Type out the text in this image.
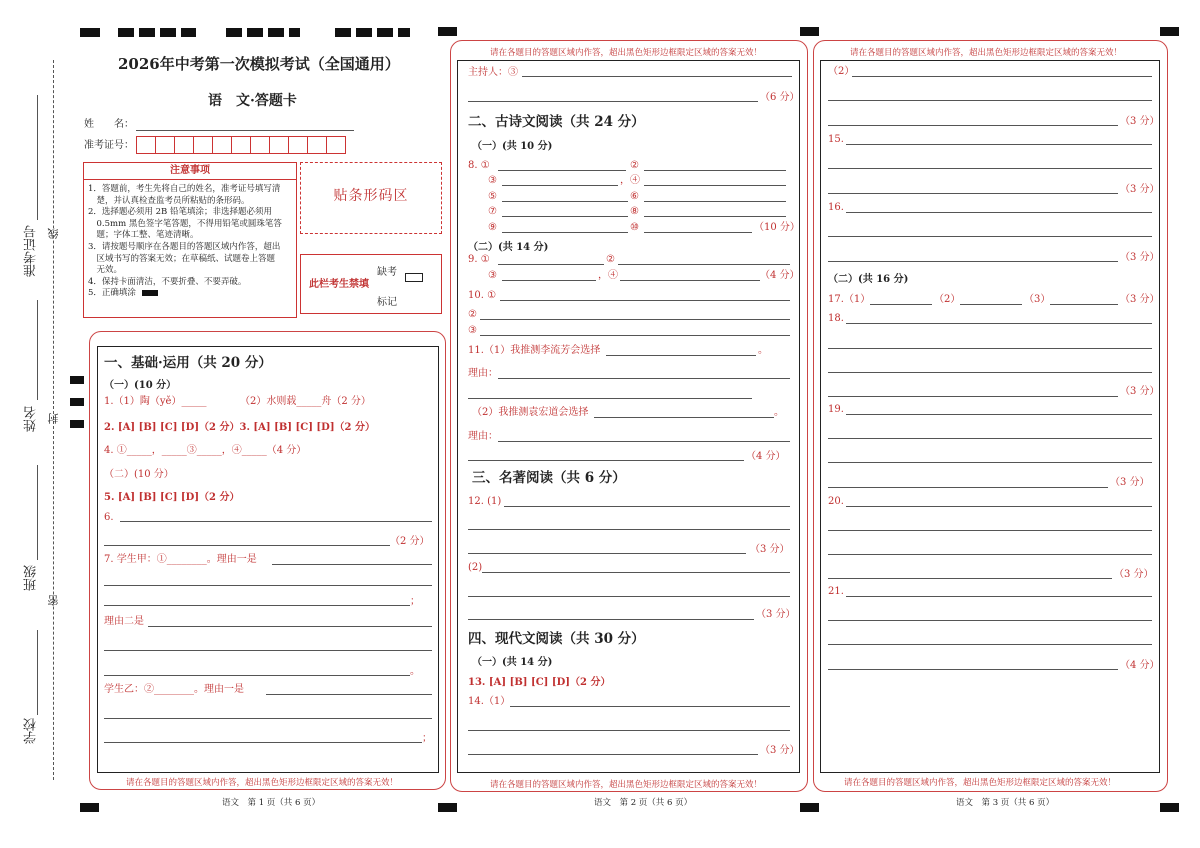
准考证号 线
姓名 封
班级
密
学校
2026年中考第一次模拟考试（全国通用）
语　文·答题卡
姓　　名：
准考证号：
注意事项
1．答题前，考生先将自己的姓名，准考证号填写清
　楚，并认真检查监考员所粘贴的条形码。
2．选择题必须用 2B 铅笔填涂；非选择题必须用
　0.5mm 黑色签字笔答题，不得用铅笔或圆珠笔答
　题；字体工整、笔迹清晰。
3．请按题号顺序在各题目的答题区域内作答，超出
　区域书写的答案无效；在草稿纸、试题卷上答题
　无效。
4．保持卡面清洁，不要折叠、不要弄破。
5．正确填涂
贴条形码区
此栏考生禁填
缺考
标记
请在各题目的答题区域内作答，超出黑色矩形边框限定区域的答案无效！
语文　第 1 页（共 6 页）
一、基础·运用（共 20 分）
（一）(10 分）
1.（1）陶（yě）_____	（2）水则载_____舟（2 分）
2. [A] [B] [C] [D]（2 分）3. [A] [B] [C] [D]（2 分）
4. ①_____，_____③_____，④_____（4 分）
（二）(10 分）
5. [A] [B] [C] [D]（2 分）
6.
（2 分）
7. 学生甲：①________。理由一是
；
理由二是
。
学生乙：②________。理由一是
；
请在各题目的答题区域内作答，超出黑色矩形边框限定区域的答案无效！
请在各题目的答题区域内作答，超出黑色矩形边框限定区域的答案无效！
语文　第 2 页（共 6 页）
主持人：③
（6 分）
二、古诗文阅读（共 24 分）
（一）(共 10 分)
8. ①	②
③	，④
⑤	⑥
⑦	⑧
⑨	⑩	（10 分）
（二）(共 14 分)
9. ①	②
③	，④	（4 分）
10. ①
②
③
11.（1）我推测李流芳会选择	。
理由：
（2）我推测袁宏道会选择	。
理由：
（4 分）
三、名著阅读（共 6 分）
12. (1)
（3 分）
(2)
（3 分）
四、现代文阅读（共 30 分）
（一）(共 14 分)
13. [A] [B] [C] [D]（2 分）
14.（1）
（3 分）
请在各题目的答题区域内作答，超出黑色矩形边框限定区域的答案无效！
请在各题目的答题区域内作答，超出黑色矩形边框限定区域的答案无效！
语文　第 3 页（共 6 页）
（2）
（3 分）
15.
（3 分）
16.
（3 分）
（二）(共 16 分)
17.（1）	（2）	（3）	（3 分）
18.
（3 分）
19.
（3 分）
20.
（3 分）
21.
（4 分）
